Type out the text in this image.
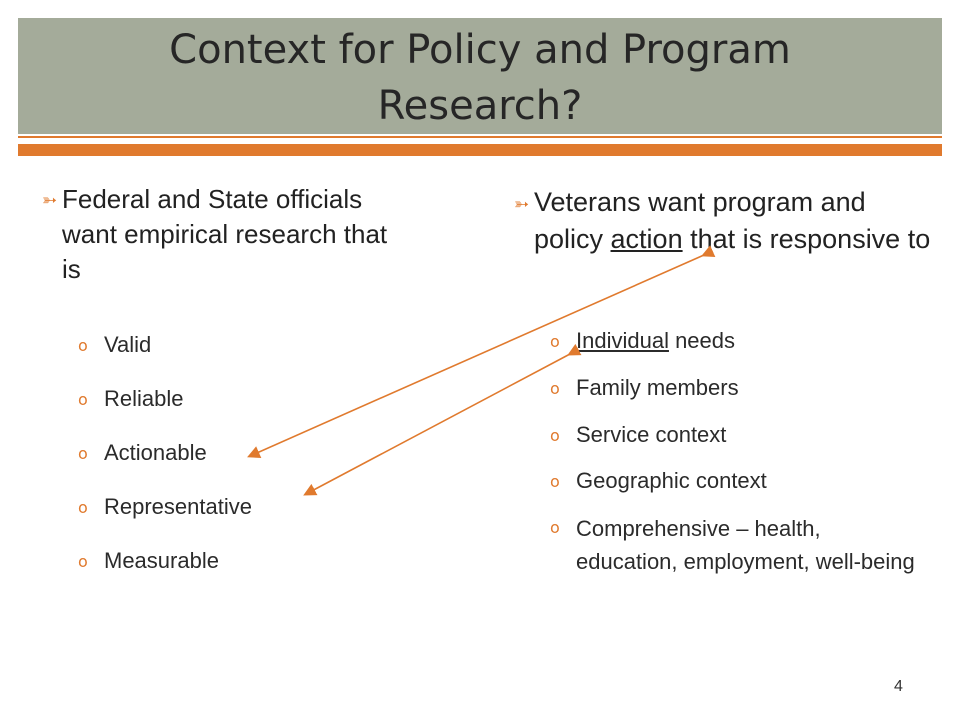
Context for Policy and Program
Research?
➳ Federal and State officials want empirical research that is
o Valid
o Reliable
o Actionable
o Representative
o Measurable
➳ Veterans want program and policy action that is responsive to
o Individual needs
o Family members
o Service context
o Geographic context
o Comprehensive – health, education, employment, well-being
4
